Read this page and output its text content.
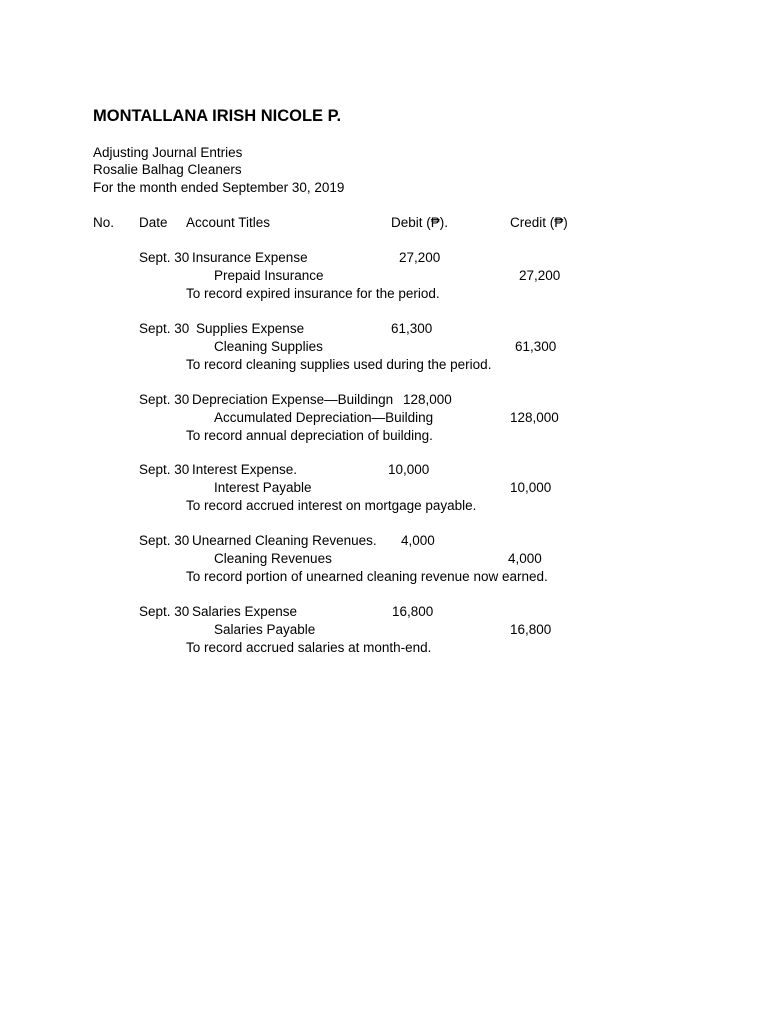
MONTALLANA IRISH NICOLE P.
Adjusting Journal Entries
Rosalie Balhag Cleaners
For the month ended September 30, 2019
No. Date Account Titles	Debit (₱).	Credit (₱)
Sept. 30 Insurance Expense	27,200
Prepaid Insurance	27,200
To record expired insurance for the period.
Sept. 30 Supplies Expense	61,300
Cleaning Supplies	61,300
To record cleaning supplies used during the period.
Sept. 30 Depreciation Expense—Buildingn 128,000
Accumulated Depreciation—Building	128,000
To record annual depreciation of building.
Sept. 30 Interest Expense.	10,000
Interest Payable	10,000
To record accrued interest on mortgage payable.
Sept. 30 Unearned Cleaning Revenues. 4,000
Cleaning Revenues	4,000
To record portion of unearned cleaning revenue now earned.
Sept. 30 Salaries Expense	16,800
Salaries Payable	16,800
To record accrued salaries at month-end.
